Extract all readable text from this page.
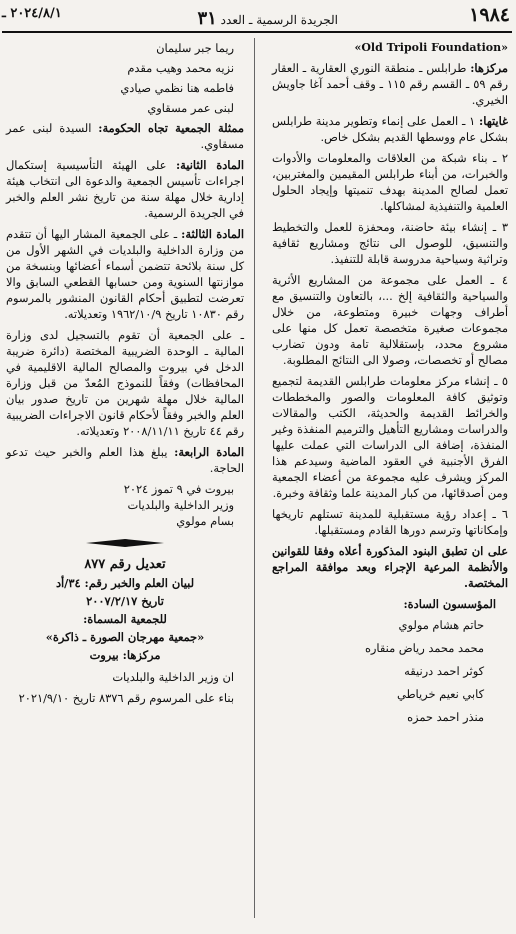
١٩٨٤
الجريدة الرسمية ـ العدد ٣١
٢٠٢٤/٨/١ ـ
«Old Tripoli Foundation»

مركزها: طرابلس ـ منطقة النوري العقارية ـ العقار رقم ٥٩ ـ القسم رقم ١١٥ ـ وقف أحمد آغا جاويش الخيري.

غايتها: ١ ـ العمل على إنماء وتطوير مدينة طرابلس بشكل عام ووسطها القديم بشكل خاص.

٢ ـ بناء شبكة من العلاقات والمعلومات والأدوات والخبرات، من أبناء طرابلس المقيمين والمغتربين، تعمل لصالح المدينة بهدف تنميتها وإيجاد الحلول العلمية والتنفيذية لمشاكلها.

٣ ـ إنشاء بيئة حاضنة، ومحفزة للعمل والتخطيط والتنسيق، للوصول الى نتائج ومشاريع ثقافية وتراثية وسياحية مدروسة قابلة للتنفيذ.

٤ ـ العمل على مجموعة من المشاريع الأثرية والسياحية والثقافية إلخ ...، بالتعاون والتنسيق مع أطراف وجهات خبيرة ومتطوعة، من خلال مجموعات صغيرة متخصصة تعمل كل منها على مشروع محدد، بإستقلالية تامة ودون تضارب مصالح أو تخصصات، وصولا الى النتائج المطلوبة.

٥ ـ إنشاء مركز معلومات طرابلس القديمة لتجميع وتوثيق كافة المعلومات والصور والمخططات والخرائط القديمة والحديثة، الكتب والمقالات والدراسات ومشاريع التأهيل والترميم المنفذة وغير المنفذة، إضافة الى الدراسات التي عملت عليها الفرق الأجنبية في العقود الماضية وسيدعم هذا المركز ويشرف عليه مجموعة من أعضاء الجمعية ومن أصدقائها، من كبار المدينة علما وثقافة وخبرة.

٦ ـ إعداد رؤية مستقبلية للمدينة تستلهم تاريخها وإمكاناتها وترسم دورها القادم ومستقبلها.

على ان تطبق البنود المذكورة أعلاه وفقا للقوانين والأنظمة المرعية الإجراء وبعد موافقة المراجع المختصة.

المؤسسون السادة:

حاتم هشام مولوي
محمد محمد رياض منقاره
كوثر احمد درنيقه
كابي نعيم خرياطي
منذر احمد حمزه
ريما جبر سليمان
نزيه محمد وهيب مقدم
فاطمه هنا نظمي صيادي
لبنى عمر مسقاوي

ممثلة الجمعية تجاه الحكومة: السيدة لبنى عمر مسقاوي.

المادة الثانية: على الهيئة التأسيسية إستكمال اجراءات تأسيس الجمعية والدعوة الى انتخاب هيئة إدارية خلال مهلة سنة من تاريخ نشر العلم والخبر في الجريدة الرسمية.

المادة الثالثة: ـ على الجمعية المشار اليها أن تتقدم من وزارة الداخلية والبلديات في الشهر الأول من كل سنة بلائحة تتضمن أسماء أعضائها وبنسخة من موازنتها السنوية ومن حسابها القطعي السابق والا تعرضت لتطبيق أحكام القانون المنشور بالمرسوم رقم ١٠٨٣٠ تاريخ ١٩٦٢/١٠/٩ وتعديلاته.

ـ على الجمعية أن تقوم بالتسجيل لدى وزارة المالية ـ الوحدة الضريبية المختصة (دائرة ضريبة الدخل في بيروت والمصالح المالية الاقليمية في المحافظات) وفقاً للنموذج المُعدّ من قبل وزارة المالية خلال مهلة شهرين من تاريخ صدور بيان العلم والخبر وفقاً لأحكام قانون الاجراءات الضريبية رقم ٤٤ تاريخ ٢٠٠٨/١١/١١ وتعديلاته.

المادة الرابعة: يبلغ هذا العلم والخبر حيث تدعو الحاجة.

بيروت في ٩ تموز ٢٠٢٤
وزير الداخلية والبلديات
بسام مولوي
تعديل رقم ٨٧٧
لبيان العلم والخبر رقم: ٣٤/أد
تاريخ ٢٠٠٧/٢/١٧
للجمعية المسماة:
«جمعية مهرجان الصورة ـ ذاكرة»
مركزها: بيروت

ان وزير الداخلية والبلديات

بناء على المرسوم رقم ٨٣٧٦ تاريخ ٢٠٢١/٩/١٠
